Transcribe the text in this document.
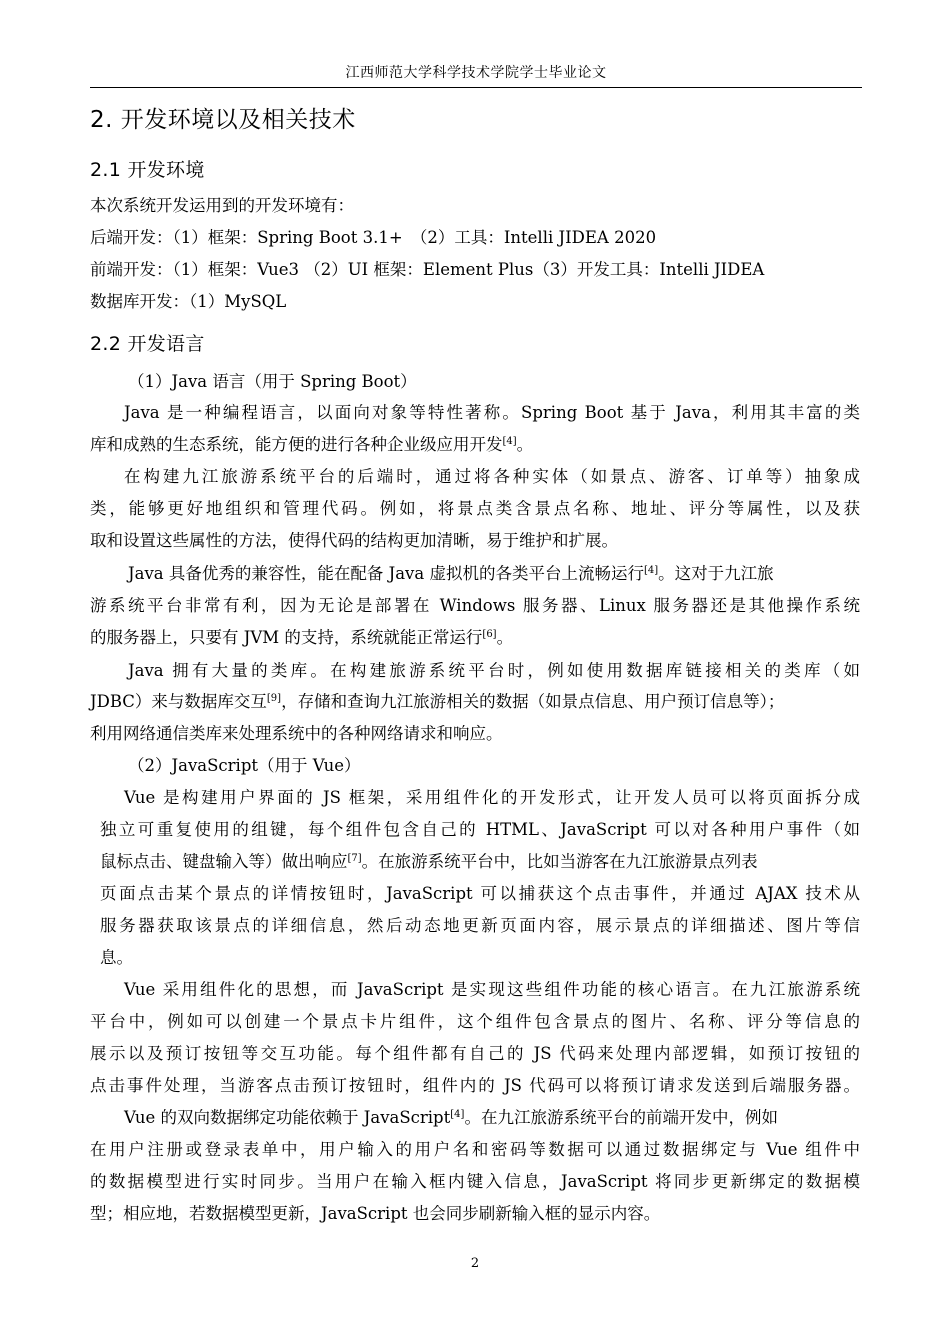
江西师范大学科学技术学院学士毕业论文
2. 开发环境以及相关技术
2.1 开发环境
本次系统开发运用到的开发环境有：
后端开发：（1）框架：Spring Boot 3.1+　（2）工具：Intelli JIDEA 2020
前端开发：（1）框架：Vue3 （2）UI 框架：Element Plus（3）开发工具：Intelli JIDEA
数据库开发：（1）MySQL
2.2 开发语言
（1）Java 语言（用于 Spring Boot）
Java 是一种编程语言，以面向对象等特性著称。Spring Boot 基于 Java，利用其丰富的类
库和成熟的生态系统，能方便的进行各种企业级应用开发[4]。
在构建九江旅游系统平台的后端时，通过将各种实体（如景点、游客、订单等）抽象成
类，能够更好地组织和管理代码。例如，将景点类含景点名称、地址、评分等属性，以及获
取和设置这些属性的方法，使得代码的结构更加清晰，易于维护和扩展。
Java 具备优秀的兼容性，能在配备 Java 虚拟机的各类平台上流畅运行[4]。这对于九江旅
游系统平台非常有利，因为无论是部署在 Windows 服务器、Linux 服务器还是其他操作系统
的服务器上，只要有 JVM 的支持，系统就能正常运行[6]。
Java 拥有大量的类库。在构建旅游系统平台时，例如使用数据库链接相关的类库（如
JDBC）来与数据库交互[9]，存储和查询九江旅游相关的数据（如景点信息、用户预订信息等）；
利用网络通信类库来处理系统中的各种网络请求和响应。
（2）JavaScript（用于 Vue）
Vue 是构建用户界面的 JS 框架，采用组件化的开发形式，让开发人员可以将页面拆分成
独立可重复使用的组键，每个组件包含自己的 HTML、JavaScript 可以对各种用户事件（如
鼠标点击、键盘输入等）做出响应[7]。在旅游系统平台中，比如当游客在九江旅游景点列表
页面点击某个景点的详情按钮时，JavaScript 可以捕获这个点击事件，并通过 AJAX 技术从
服务器获取该景点的详细信息，然后动态地更新页面内容，展示景点的详细描述、图片等信
息。
Vue 采用组件化的思想，而 JavaScript 是实现这些组件功能的核心语言。在九江旅游系统
平台中，例如可以创建一个景点卡片组件，这个组件包含景点的图片、名称、评分等信息的
展示以及预订按钮等交互功能。每个组件都有自己的 JS 代码来处理内部逻辑，如预订按钮的
点击事件处理，当游客点击预订按钮时，组件内的 JS 代码可以将预订请求发送到后端服务器。
Vue 的双向数据绑定功能依赖于 JavaScript[4]。在九江旅游系统平台的前端开发中，例如
在用户注册或登录表单中，用户输入的用户名和密码等数据可以通过数据绑定与 Vue 组件中
的数据模型进行实时同步。当用户在输入框内键入信息，JavaScript 将同步更新绑定的数据模
型；相应地，若数据模型更新，JavaScript 也会同步刷新输入框的显示内容。
2
